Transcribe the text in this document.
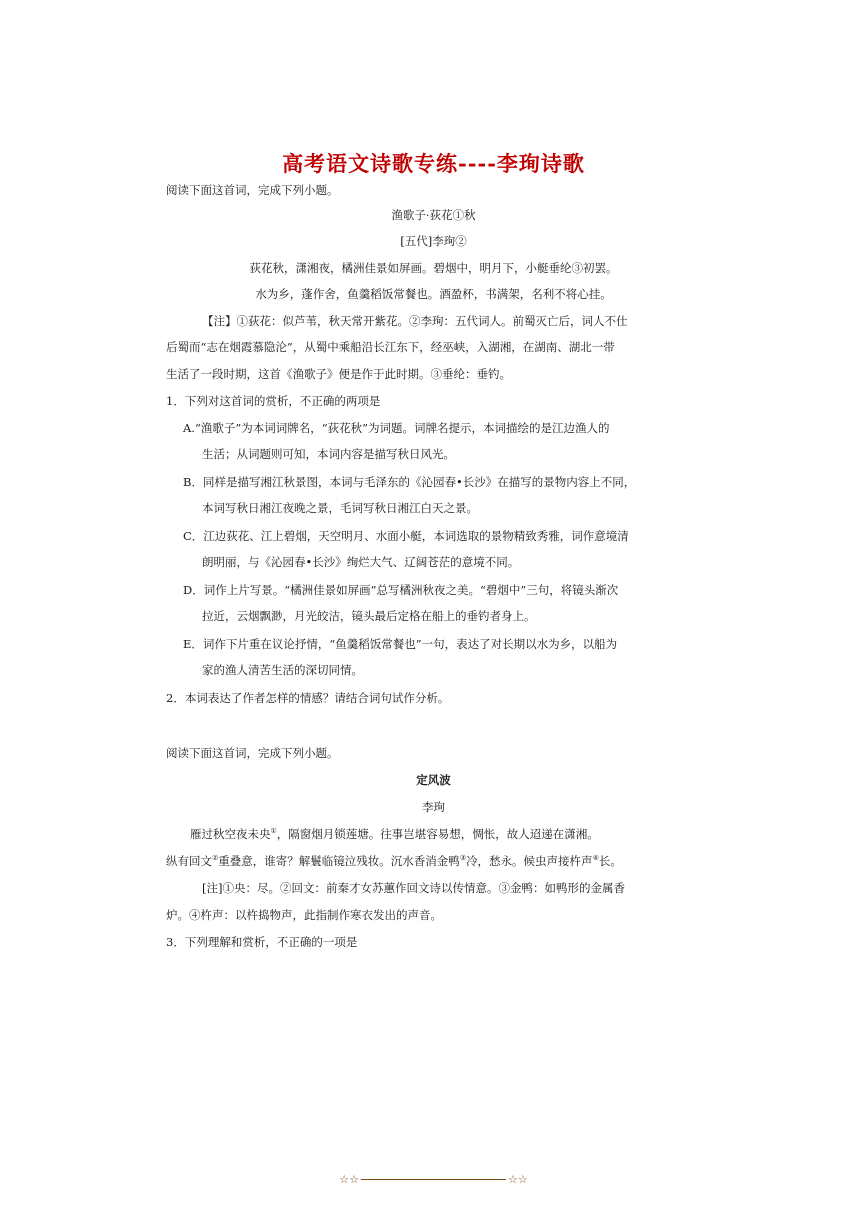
高考语文诗歌专练----李珣诗歌
阅读下面这首词，完成下列小题。
渔歌子·荻花①秋
[五代]李珣②
荻花秋，潇湘夜，橘洲佳景如屏画。碧烟中，明月下，小艇垂纶③初罢。
水为乡，蓬作舍，鱼羹稻饭常餐也。酒盈杯，书满架，名利不将心挂。
【注】①荻花：似芦苇，秋天常开紫花。②李珣：五代词人。前蜀灭亡后，词人不仕
后蜀而“志在烟霞慕隐沦”，从蜀中乘船沿长江东下，经巫峡，入湖湘，在湖南、湖北一带
生活了一段时期，这首《渔歌子》便是作于此时期。③垂纶：垂钓。
1．下列对这首词的赏析，不正确的两项是
A.“渔歌子”为本词词牌名，“荻花秋”为词题。词牌名提示，本词描绘的是江边渔人的
生活；从词题则可知，本词内容是描写秋日风光。
B．同样是描写湘江秋景图，本词与毛泽东的《沁园春•长沙》在描写的景物内容上不同，
本词写秋日湘江夜晚之景，毛词写秋日湘江白天之景。
C．江边荻花、江上碧烟，天空明月、水面小艇，本词选取的景物精致秀雅，词作意境清
朗明丽，与《沁园春•长沙》绚烂大气、辽阔苍茫的意境不同。
D．词作上片写景。“橘洲佳景如屏画”总写橘洲秋夜之美。“碧烟中”三句，将镜头渐次
拉近，云烟飘渺，月光皎洁，镜头最后定格在船上的垂钓者身上。
E．词作下片重在议论抒情，“鱼羹稻饭常餐也”一句，表达了对长期以水为乡，以船为
家的渔人清苦生活的深切同情。
2．本词表达了作者怎样的情感？请结合词句试作分析。
阅读下面这首词，完成下列小题。
定风波
李珣
雁过秋空夜未央①，隔窗烟月锁莲塘。往事岂堪容易想，惆怅，故人迢递在潇湘。
纵有回文②重叠意，谁寄？解鬟临镜泣残妆。沉水香消金鸭③冷，愁永。候虫声接杵声④长。
[注]①央：尽。②回文：前秦才女苏蕙作回文诗以传情意。③金鸭：如鸭形的金属香
炉。④杵声：以杵捣物声，此指制作寒衣发出的声音。
3．下列理解和赏析，不正确的一项是
☆☆	☆☆
